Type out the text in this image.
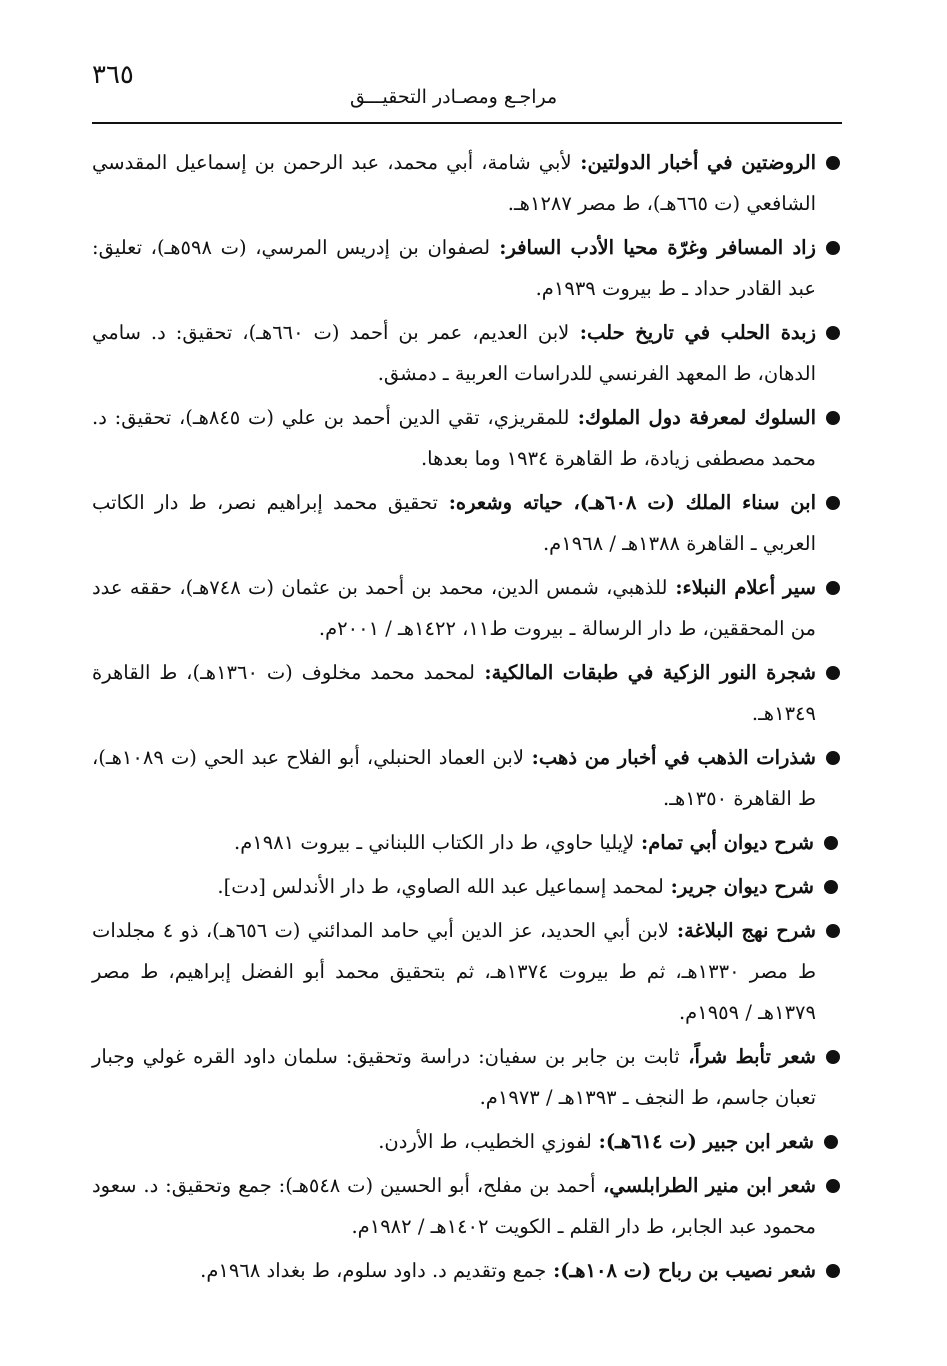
٣٦٥
مراجـع ومصـادر التحقيـــق
الروضتين في أخبار الدولتين: لأبي شامة، أبي محمد، عبد الرحمن بن إسماعيل المقدسي الشافعي (ت ٦٦٥هـ)، ط مصر ١٢٨٧هـ.
زاد المسافر وغرّة محيا الأدب السافر: لصفوان بن إدريس المرسي، (ت ٥٩٨هـ)، تعليق: عبد القادر حداد ـ ط بيروت ١٩٣٩م.
زبدة الحلب في تاريخ حلب: لابن العديم، عمر بن أحمد (ت ٦٦٠هـ)، تحقيق: د. سامي الدهان، ط المعهد الفرنسي للدراسات العربية ـ دمشق.
السلوك لمعرفة دول الملوك: للمقريزي، تقي الدين أحمد بن علي (ت ٨٤٥هـ)، تحقيق: د. محمد مصطفى زيادة، ط القاهرة ١٩٣٤ وما بعدها.
ابن سناء الملك (ت ٦٠٨هـ)، حياته وشعره: تحقيق محمد إبراهيم نصر، ط دار الكاتب العربي ـ القاهرة ١٣٨٨هـ / ١٩٦٨م.
سير أعلام النبلاء: للذهبي، شمس الدين، محمد بن أحمد بن عثمان (ت ٧٤٨هـ)، حققه عدد من المحققين، ط دار الرسالة ـ بيروت ط١١، ١٤٢٢هـ / ٢٠٠١م.
شجرة النور الزكية في طبقات المالكية: لمحمد محمد مخلوف (ت ١٣٦٠هـ)، ط القاهرة ١٣٤٩هـ.
شذرات الذهب في أخبار من ذهب: لابن العماد الحنبلي، أبو الفلاح عبد الحي (ت ١٠٨٩هـ)، ط القاهرة ١٣٥٠هـ.
شرح ديوان أبي تمام: لإيليا حاوي، ط دار الكتاب اللبناني ـ بيروت ١٩٨١م.
شرح ديوان جرير: لمحمد إسماعيل عبد الله الصاوي، ط دار الأندلس [دت].
شرح نهج البلاغة: لابن أبي الحديد، عز الدين أبي حامد المدائني (ت ٦٥٦هـ)، ذو ٤ مجلدات ط مصر ١٣٣٠هـ، ثم ط بيروت ١٣٧٤هـ، ثم بتحقيق محمد أبو الفضل إبراهيم، ط مصر ١٣٧٩هـ / ١٩٥٩م.
شعر تأبط شراً، ثابت بن جابر بن سفيان: دراسة وتحقيق: سلمان داود القره غولي وجبار تعبان جاسم، ط النجف ـ ١٣٩٣هـ / ١٩٧٣م.
شعر ابن جبير (ت ٦١٤هـ): لفوزي الخطيب، ط الأردن.
شعر ابن منير الطرابلسي، أحمد بن مفلح، أبو الحسين (ت ٥٤٨هـ): جمع وتحقيق: د. سعود محمود عبد الجابر، ط دار القلم ـ الكويت ١٤٠٢هـ / ١٩٨٢م.
شعر نصيب بن رباح (ت ١٠٨هـ): جمع وتقديم د. داود سلوم، ط بغداد ١٩٦٨م.
